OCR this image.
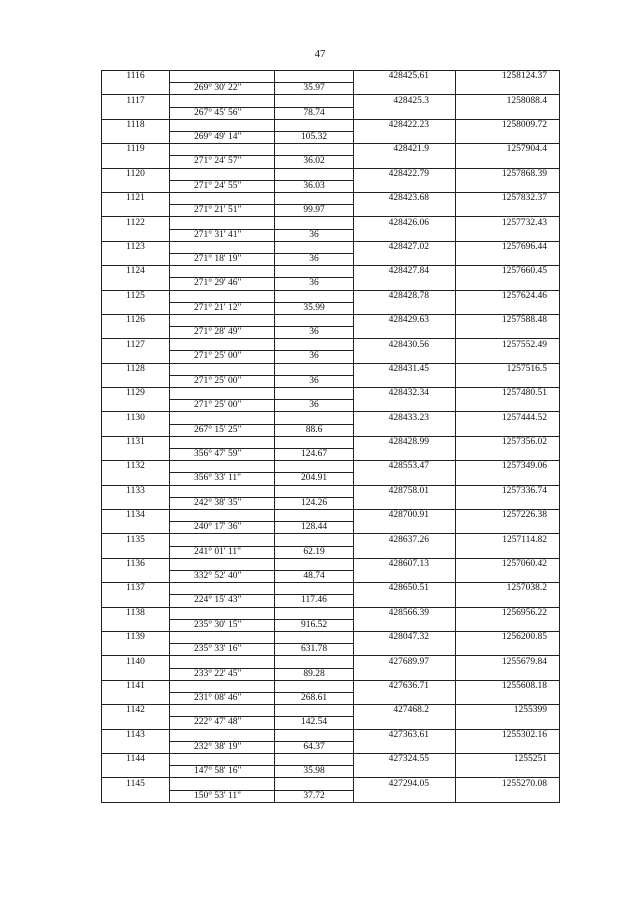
47
1116			428425.61	1258124.37
	269° 30' 22"	35.97		
1117			428425.3	1258088.4
	267° 45' 56"	78.74		
1118			428422.23	1258009.72
	269° 49' 14"	105.32		
1119			428421.9	1257904.4
	271° 24' 57"	36.02		
1120			428422.79	1257868.39
	271° 24' 55"	36.03		
1121			428423.68	1257832.37
	271° 21' 51"	99.97		
1122			428426.06	1257732.43
	271° 31' 41"	36		
1123			428427.02	1257696.44
	271° 18' 19"	36		
1124			428427.84	1257660.45
	271° 29' 46"	36		
1125			428428.78	1257624.46
	271° 21' 12"	35.99		
1126			428429.63	1257588.48
	271° 28' 49"	36		
1127			428430.56	1257552.49
	271° 25' 00"	36		
1128			428431.45	1257516.5
	271° 25' 00"	36		
1129			428432.34	1257480.51
	271° 25' 00"	36		
1130			428433.23	1257444.52
	267° 15' 25"	88.6		
1131			428428.99	1257356.02
	356° 47' 59"	124.67		
1132			428553.47	1257349.06
	356° 33' 11"	204.91		
1133			428758.01	1257336.74
	242° 38' 35"	124.26		
1134			428700.91	1257226.38
	240° 17' 36"	128.44		
1135			428637.26	1257114.82
	241° 01' 11"	62.19		
1136			428607.13	1257060.42
	332° 52' 40"	48.74		
1137			428650.51	1257038.2
	224° 15' 43"	117.46		
1138			428566.39	1256956.22
	235° 30' 15"	916.52		
1139			428047.32	1256200.85
	235° 33' 16"	631.78		
1140			427689.97	1255679.84
	233° 22' 45"	89.28		
1141			427636.71	1255608.18
	231° 08' 46"	268.61		
1142			427468.2	1255399
	222° 47' 48"	142.54		
1143			427363.61	1255302.16
	232° 38' 19"	64.37		
1144			427324.55	1255251
	147° 58' 16"	35.98		
1145			427294.05	1255270.08
	150° 53' 11"	37.72		
